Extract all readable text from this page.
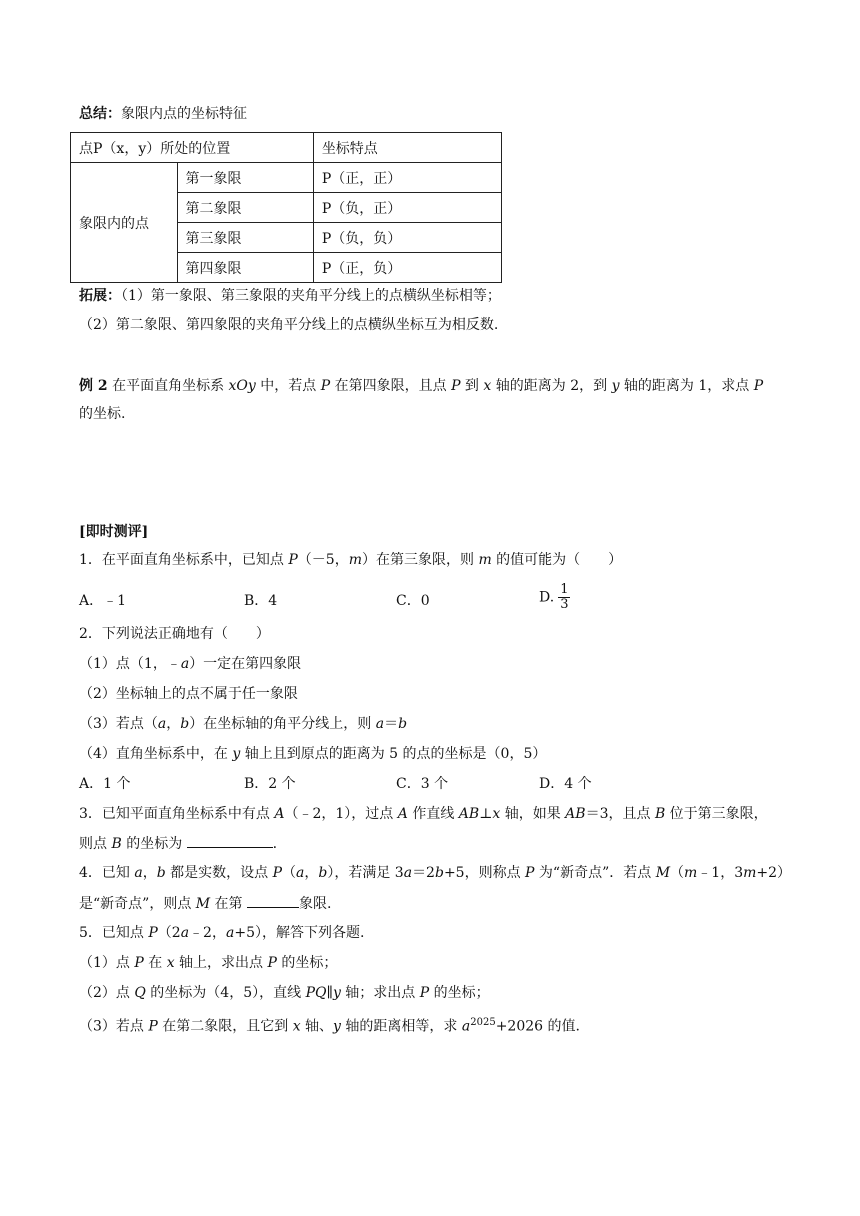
总结：象限内点的坐标特征
点P（x，y）所处的位置		坐标特点
象限内的点	第一象限	P（正，正）
	第二象限	P（负，正）
	第三象限	P（负，负）
	第四象限	P（正，负）
拓展：（1）第一象限、第三象限的夹角平分线上的点横纵坐标相等；
（2）第二象限、第四象限的夹角平分线上的点横纵坐标互为相反数.
例 2 在平面直角坐标系 xOy 中，若点 P 在第四象限，且点 P 到 x 轴的距离为 2，到 y 轴的距离为 1，求点 P
的坐标.
[即时测评]
1．在平面直角坐标系中，已知点 P（－5，m）在第三象限，则 m 的值可能为（　　）
A．﹣1	B．4	C．0	D. $\frac{1}{3}$
2．下列说法正确地有（　　）
（1）点（1，﹣a）一定在第四象限
（2）坐标轴上的点不属于任一象限
（3）若点（a，b）在坐标轴的角平分线上，则 a＝b
（4）直角坐标系中，在 y 轴上且到原点的距离为 5 的点的坐标是（0，5）
A．1 个	B．2 个	C．3 个	D．4 个
3．已知平面直角坐标系中有点 A（﹣2，1），过点 A 作直线 AB⊥x 轴，如果 AB＝3，且点 B 位于第三象限，
则点 B 的坐标为	.
4．已知 a，b 都是实数，设点 P（a，b），若满足 3a＝2b+5，则称点 P 为“新奇点”．若点 M（m﹣1，3m+2）
是“新奇点”，则点 M 在第	象限.
5．已知点 P（2a﹣2，a+5），解答下列各题.
（1）点 P 在 x 轴上，求出点 P 的坐标；
（2）点 Q 的坐标为（4，5），直线 PQ∥y 轴；求出点 P 的坐标；
（3）若点 P 在第二象限，且它到 x 轴、y 轴的距离相等，求 $a^{2025}+2026$ 的值.
